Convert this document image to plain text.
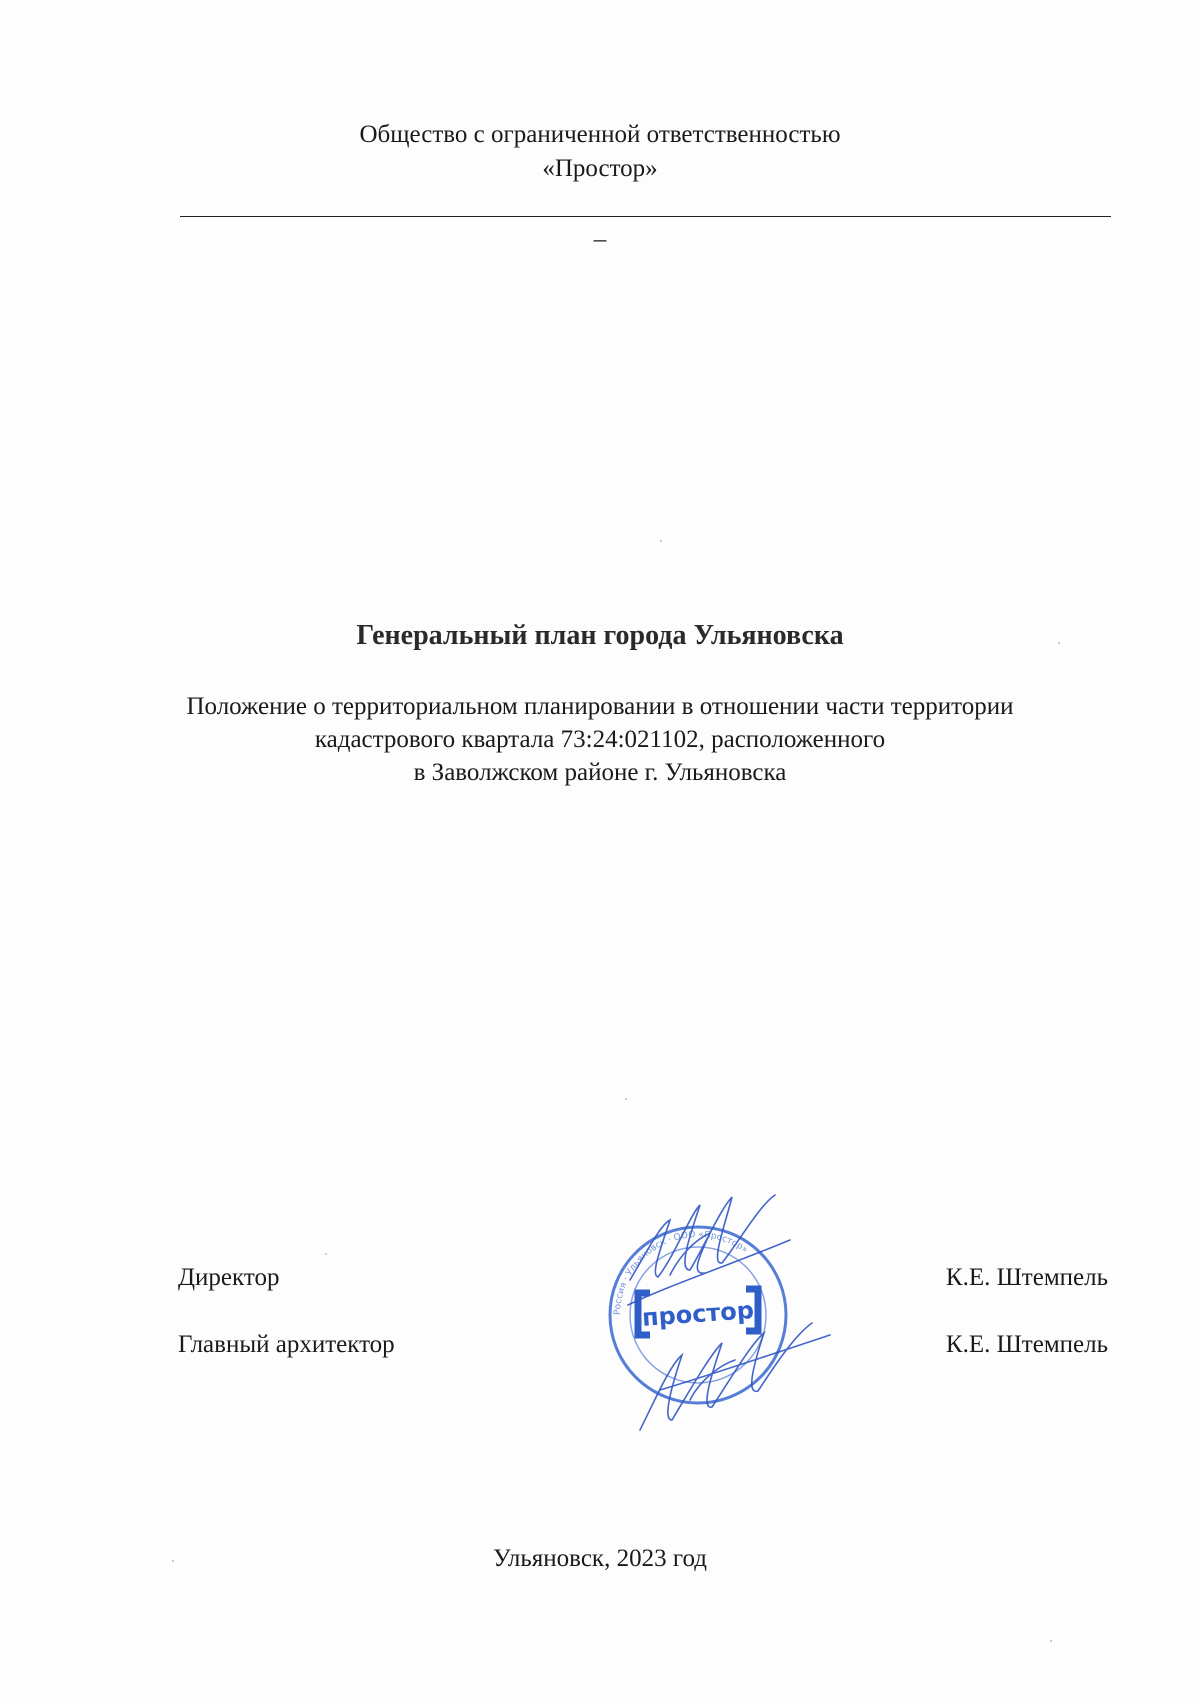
Общество с ограниченной ответственностью
«Простор»
–
Генеральный план города Ульяновска
Положение о территориальном планировании в отношении части территории
кадастрового квартала 73:24:021102, расположенного
в Заволжском районе г. Ульяновска
Директор	К.Е. Штемпель
Главный архитектор	К.Е. Штемпель
Россия · Ульяновск · ООО «Простор»
простор
Ульяновск, 2023 год
